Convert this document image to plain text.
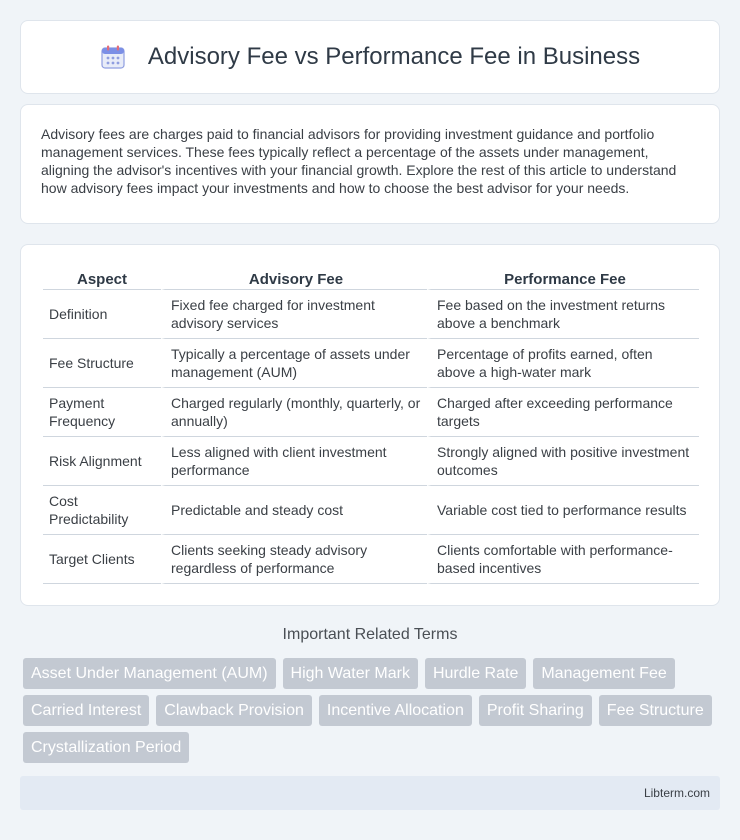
Advisory Fee vs Performance Fee in Business

Advisory fees are charges paid to financial advisors for providing investment guidance and portfolio management services. These fees typically reflect a percentage of the assets under management, aligning the advisor's incentives with your financial growth. Explore the rest of this article to understand how advisory fees impact your investments and how to choose the best advisor for your needs.

Aspect	Advisory Fee	Performance Fee
Definition	Fixed fee charged for investment advisory services	Fee based on the investment returns above a benchmark
Fee Structure	Typically a percentage of assets under management (AUM)	Percentage of profits earned, often above a high-water mark
Payment Frequency	Charged regularly (monthly, quarterly, or annually)	Charged after exceeding performance targets
Risk Alignment	Less aligned with client investment performance	Strongly aligned with positive investment outcomes
Cost Predictability	Predictable and steady cost	Variable cost tied to performance results
Target Clients	Clients seeking steady advisory regardless of performance	Clients comfortable with performance-based incentives
Important Related Terms
Asset Under Management (AUM)	High Water Mark	Hurdle Rate	Management Fee
Carried Interest	Clawback Provision	Incentive Allocation	Profit Sharing	Fee Structure
Crystallization Period
Libterm.com
